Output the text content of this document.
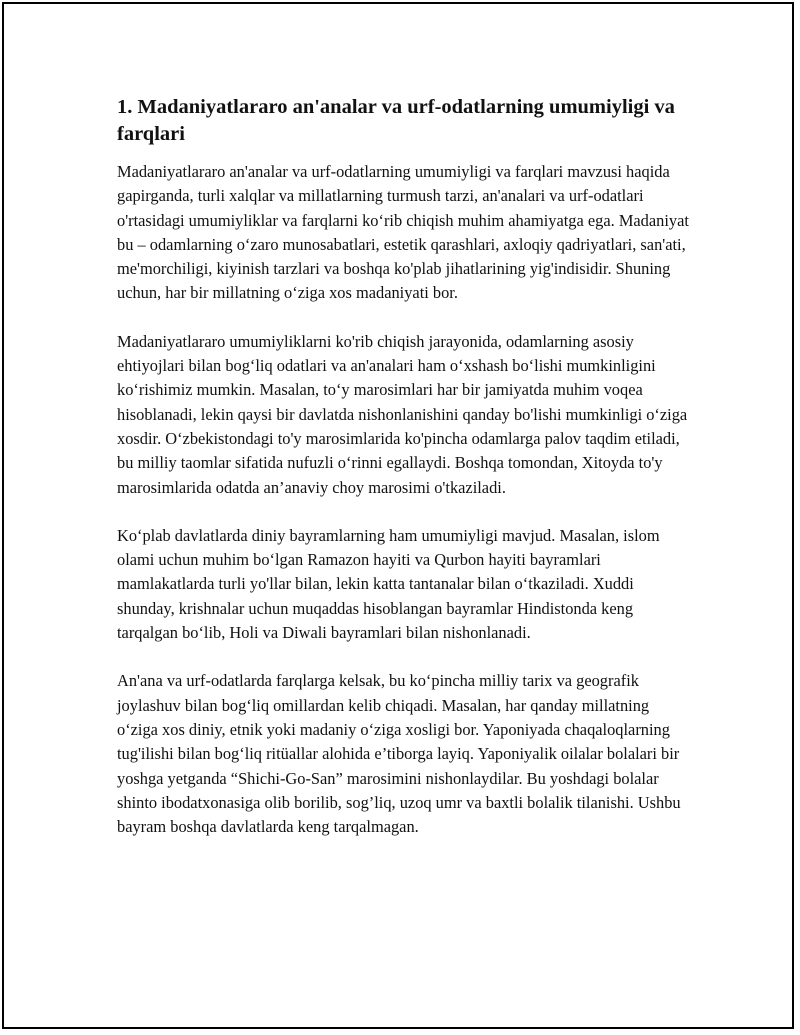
1. Madaniyatlararo an'analar va urf-odatlarning umumiyligi va farqlari

Madaniyatlararo an'analar va urf-odatlarning umumiyligi va farqlari mavzusi haqida gapirganda, turli xalqlar va millatlarning turmush tarzi, an'analari va urf-odatlari o'rtasidagi umumiyliklar va farqlarni ko‘rib chiqish muhim ahamiyatga ega. Madaniyat bu – odamlarning o‘zaro munosabatlari, estetik qarashlari, axloqiy qadriyatlari, san'ati, me'morchiligi, kiyinish tarzlari va boshqa ko'plab jihatlarining yig'indisidir. Shuning uchun, har bir millatning o‘ziga xos madaniyati bor.

Madaniyatlararo umumiyliklarni ko'rib chiqish jarayonida, odamlarning asosiy ehtiyojlari bilan bog‘liq odatlari va an'analari ham o‘xshash bo‘lishi mumkinligini ko‘rishimiz mumkin. Masalan, to‘y marosimlari har bir jamiyatda muhim voqea hisoblanadi, lekin qaysi bir davlatda nishonlanishini qanday bo'lishi mumkinligi o‘ziga xosdir. O‘zbekistondagi to'y marosimlarida ko'pincha odamlarga palov taqdim etiladi, bu milliy taomlar sifatida nufuzli o‘rinni egallaydi. Boshqa tomondan, Xitoyda to'y marosimlarida odatda an’anaviy choy marosimi o'tkaziladi.

Ko‘plab davlatlarda diniy bayramlarning ham umumiyligi mavjud. Masalan, islom olami uchun muhim bo‘lgan Ramazon hayiti va Qurbon hayiti bayramlari mamlakatlarda turli yo'llar bilan, lekin katta tantanalar bilan o‘tkaziladi. Xuddi shunday, krishnalar uchun muqaddas hisoblangan bayramlar Hindistonda keng tarqalgan bo‘lib, Holi va Diwali bayramlari bilan nishonlanadi.

An'ana va urf-odatlarda farqlarga kelsak, bu ko‘pincha milliy tarix va geografik joylashuv bilan bog‘liq omillardan kelib chiqadi. Masalan, har qanday millatning o‘ziga xos diniy, etnik yoki madaniy o‘ziga xosligi bor. Yaponiyada chaqaloqlarning tug'ilishi bilan bog‘liq ritüallar alohida e’tiborga layiq. Yaponiyalik oilalar bolalari bir yoshga yetganda “Shichi-Go-San” marosimini nishonlaydilar. Bu yoshdagi bolalar shinto ibodatxonasiga olib borilib, sog’liq, uzoq umr va baxtli bolalik tilanishi. Ushbu bayram boshqa davlatlarda keng tarqalmagan.
